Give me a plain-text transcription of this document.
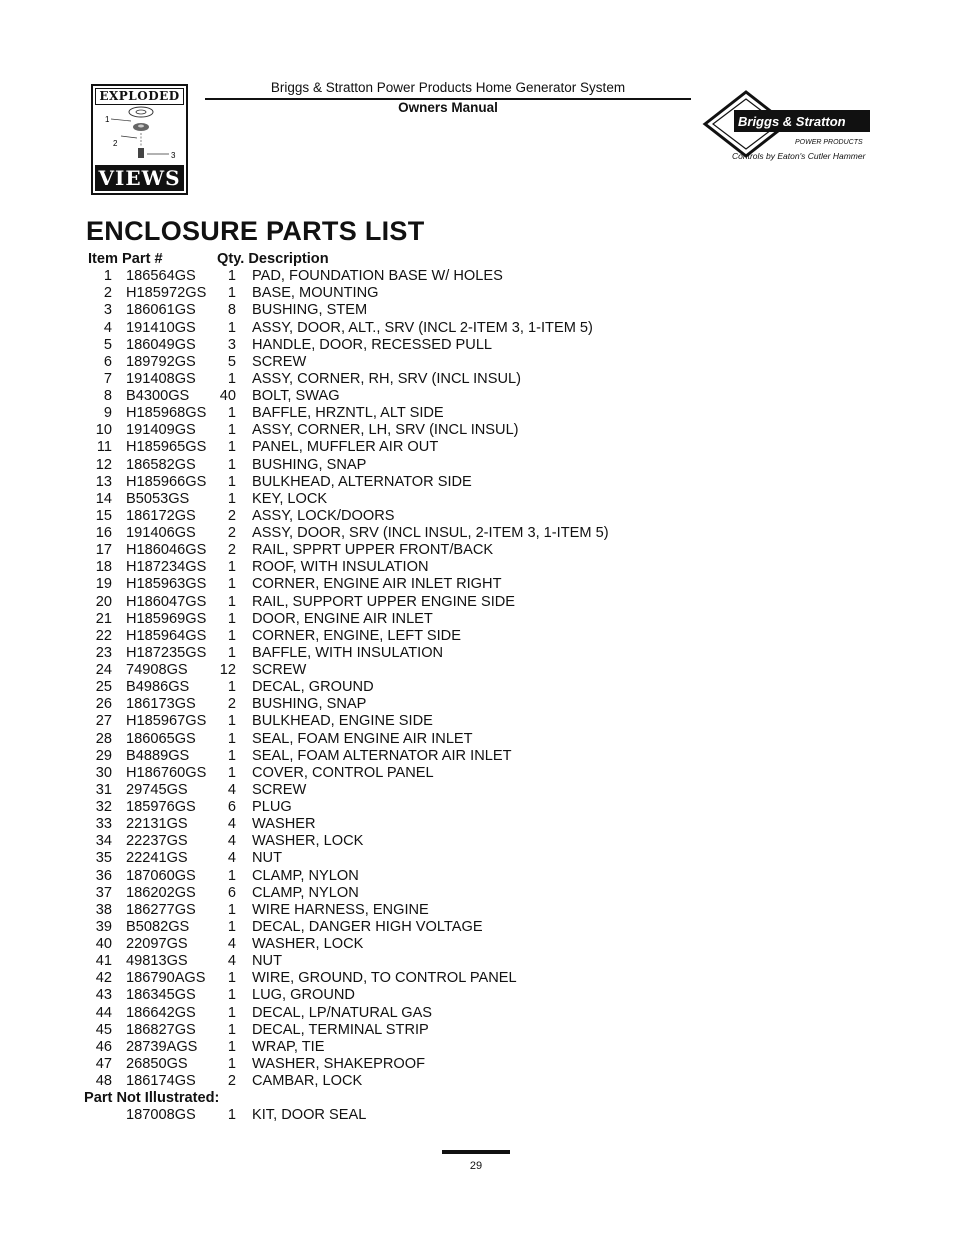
EXPLODED
1
2
3
VIEWS
Briggs & Stratton Power Products Home Generator System
Owners Manual
Briggs & Stratton
POWER PRODUCTS
Controls by Eaton's Cutler Hammer
ENCLOSURE PARTS LIST
Item Part #	Qty. Description
1 186564GS	1 PAD, FOUNDATION BASE W/ HOLES
2 H185972GS	1 BASE, MOUNTING
3 186061GS	8 BUSHING, STEM
4 191410GS	1 ASSY, DOOR, ALT., SRV (INCL 2-ITEM 3, 1-ITEM 5)
5 186049GS	3 HANDLE, DOOR, RECESSED PULL
6 189792GS	5 SCREW
7 191408GS	1 ASSY, CORNER, RH, SRV (INCL INSUL)
8 B4300GS	40 BOLT, SWAG
9 H185968GS	1 BAFFLE, HRZNTL, ALT SIDE
10 191409GS	1 ASSY, CORNER, LH, SRV (INCL INSUL)
11 H185965GS	1 PANEL, MUFFLER AIR OUT
12 186582GS	1 BUSHING, SNAP
13 H185966GS	1 BULKHEAD, ALTERNATOR SIDE
14 B5053GS	1 KEY, LOCK
15 186172GS	2 ASSY, LOCK/DOORS
16 191406GS	2 ASSY, DOOR, SRV (INCL INSUL, 2-ITEM 3, 1-ITEM 5)
17 H186046GS	2 RAIL, SPPRT UPPER FRONT/BACK
18 H187234GS	1 ROOF, WITH INSULATION
19 H185963GS	1 CORNER, ENGINE AIR INLET RIGHT
20 H186047GS	1 RAIL, SUPPORT UPPER ENGINE SIDE
21 H185969GS	1 DOOR, ENGINE AIR INLET
22 H185964GS	1 CORNER, ENGINE, LEFT SIDE
23 H187235GS	1 BAFFLE, WITH INSULATION
24 74908GS	12 SCREW
25 B4986GS	1 DECAL, GROUND
26 186173GS	2 BUSHING, SNAP
27 H185967GS	1 BULKHEAD, ENGINE SIDE
28 186065GS	1 SEAL, FOAM ENGINE AIR INLET
29 B4889GS	1 SEAL, FOAM ALTERNATOR AIR INLET
30 H186760GS	1 COVER, CONTROL PANEL
31 29745GS	4 SCREW
32 185976GS	6 PLUG
33 22131GS	4 WASHER
34 22237GS	4 WASHER, LOCK
35 22241GS	4 NUT
36 187060GS	1 CLAMP, NYLON
37 186202GS	6 CLAMP, NYLON
38 186277GS	1 WIRE HARNESS, ENGINE
39 B5082GS	1 DECAL, DANGER HIGH VOLTAGE
40 22097GS	4 WASHER, LOCK
41 49813GS	4 NUT
42 186790AGS	1 WIRE, GROUND, TO CONTROL PANEL
43 186345GS	1 LUG, GROUND
44 186642GS	1 DECAL, LP/NATURAL GAS
45 186827GS	1 DECAL, TERMINAL STRIP
46 28739AGS	1 WRAP, TIE
47 26850GS	1 WASHER, SHAKEPROOF
48 186174GS	2 CAMBAR, LOCK
Part Not Illustrated:
187008GS	1 KIT, DOOR SEAL
29
